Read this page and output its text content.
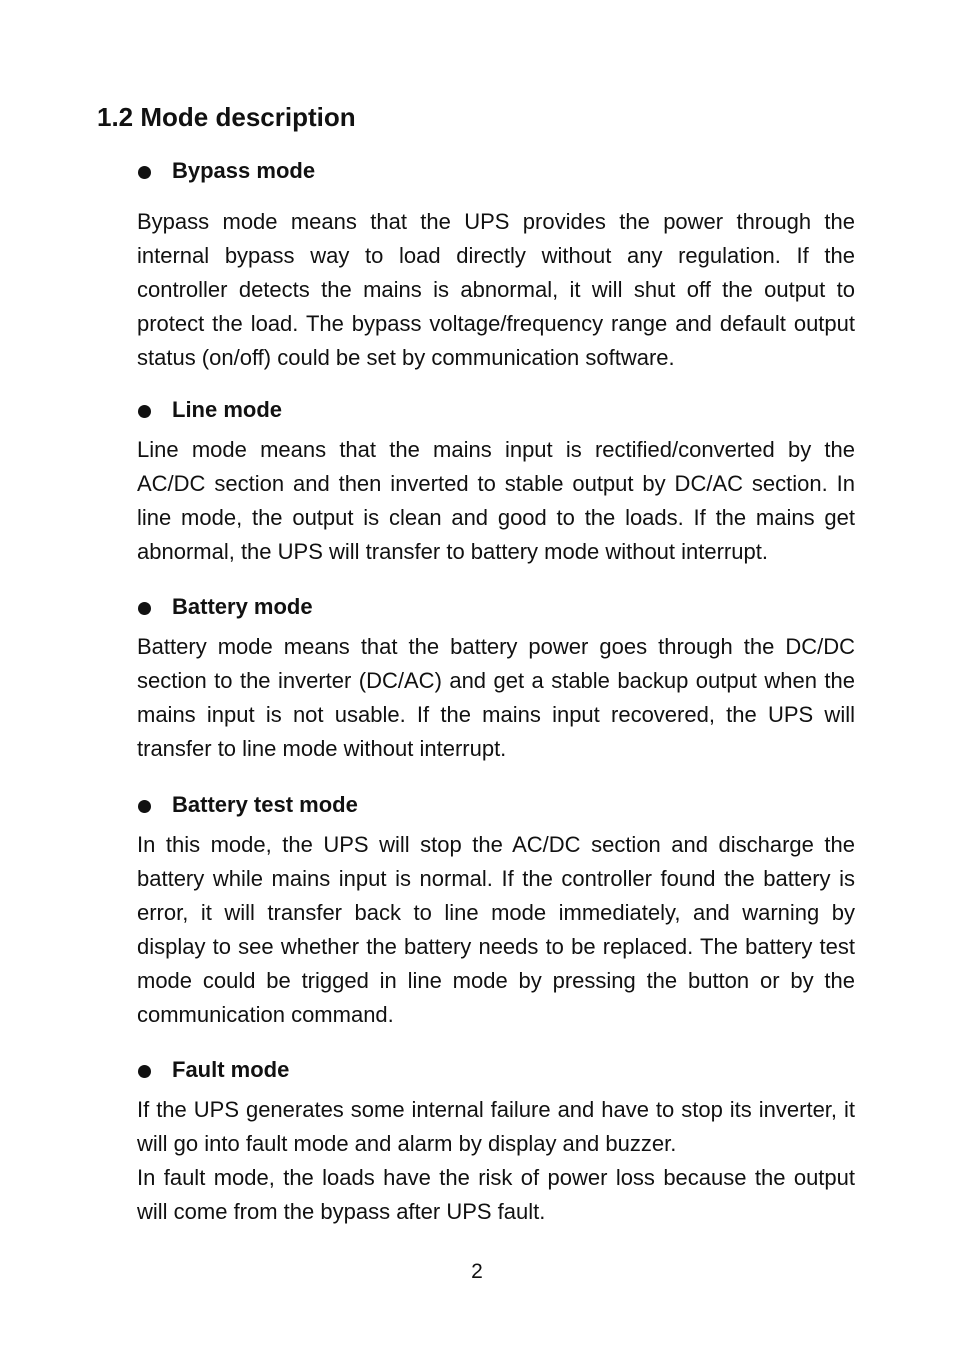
1.2 Mode description
Bypass mode

Bypass mode means that the UPS provides the power through the internal bypass way to load directly without any regulation. If the controller detects the mains is abnormal, it will shut off the output to protect the load. The bypass voltage/frequency range and default output status (on/off) could be set by communication software.

Line mode

Line mode means that the mains input is rectified/converted by the AC/DC section and then inverted to stable output by DC/AC section. In line mode, the output is clean and good to the loads. If the mains get abnormal, the UPS will transfer to battery mode without interrupt.

Battery mode

Battery mode means that the battery power goes through the DC/DC section to the inverter (DC/AC) and get a stable backup output when the mains input is not usable. If the mains input recovered, the UPS will transfer to line mode without interrupt.

Battery test mode

In this mode, the UPS will stop the AC/DC section and discharge the battery while mains input is normal. If the controller found the battery is error, it will transfer back to line mode immediately, and warning by display to see whether the battery needs to be replaced. The battery test mode could be trigged in line mode by pressing the button or by the communication command.

Fault mode

If the UPS generates some internal failure and have to stop its inverter, it will go into fault mode and alarm by display and buzzer.

In fault mode, the loads have the risk of power loss because the output will come from the bypass after UPS fault.

2
